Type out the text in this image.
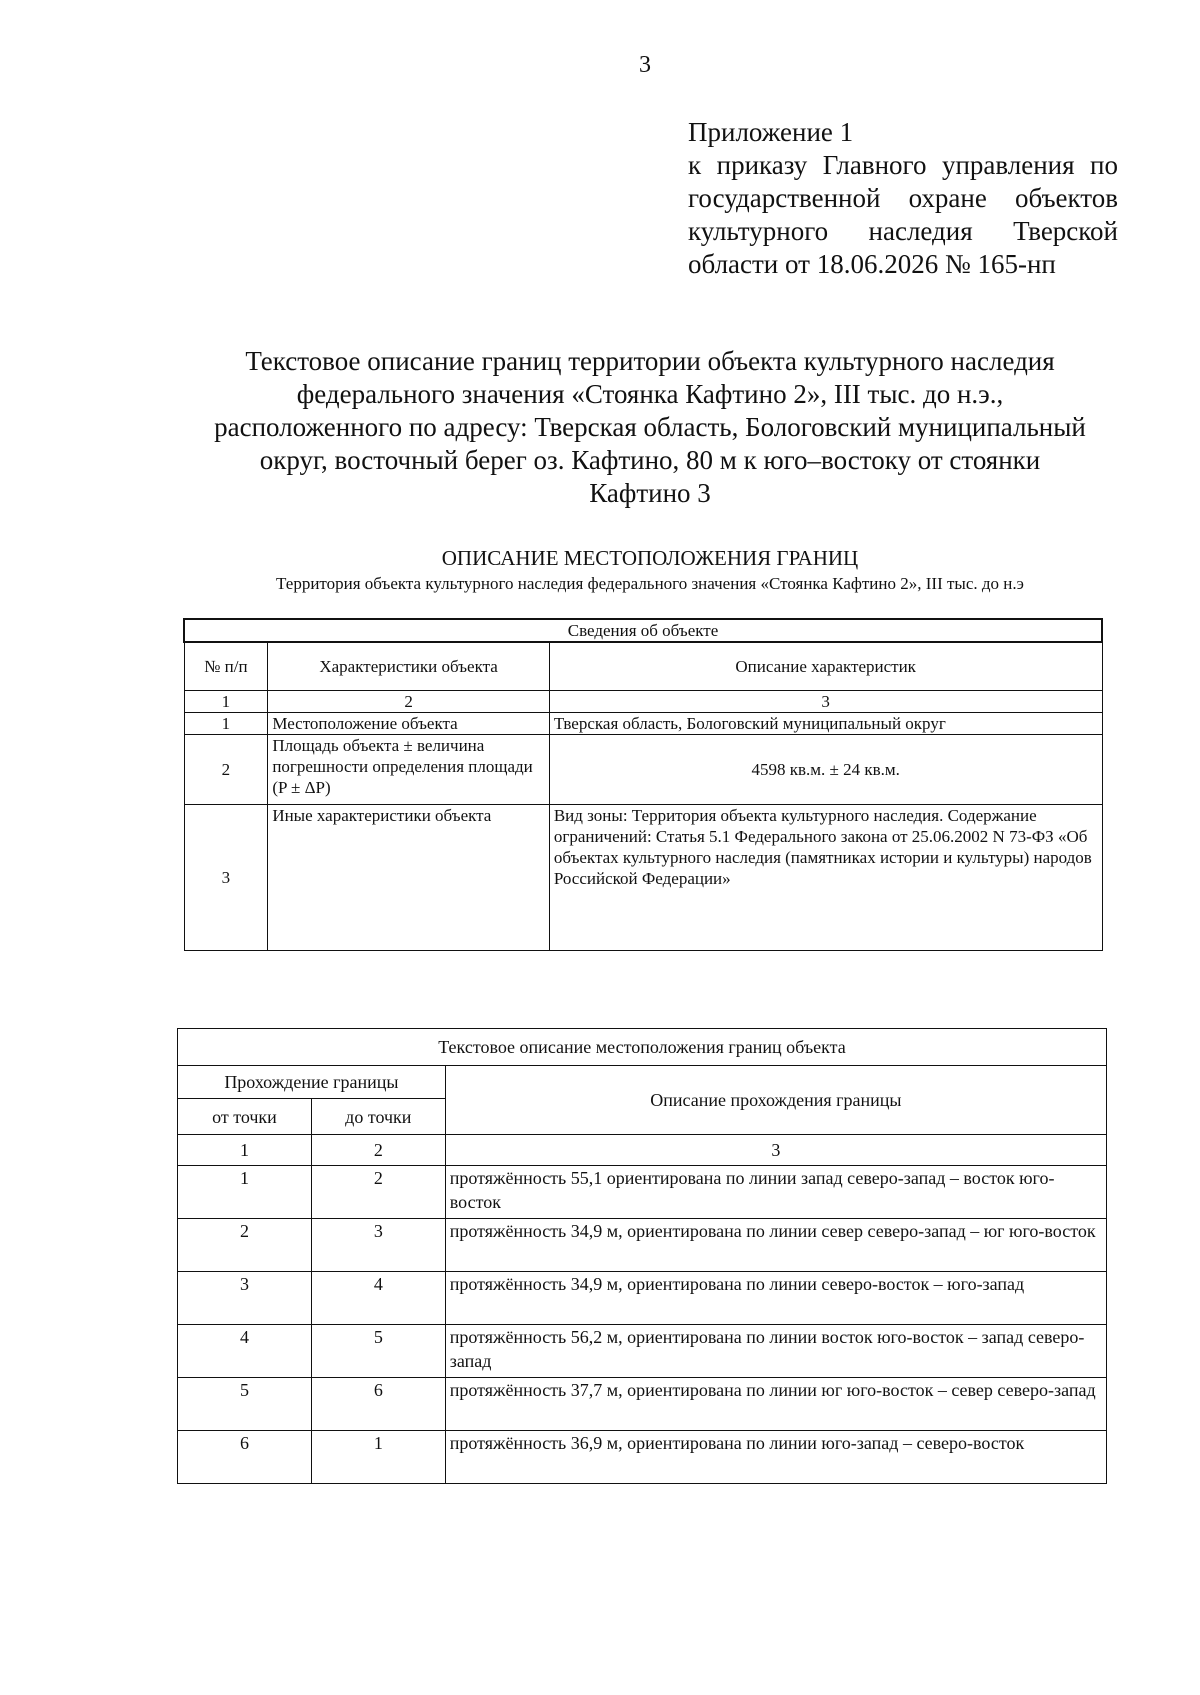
3
Приложение 1
к приказу Главного управления по
государственной охране объектов
культурного наследия Тверской
области от 18.06.2026 № 165-нп
Текстовое описание границ территории объекта культурного наследия
федерального значения «Стоянка Кафтино 2», III тыс. до н.э.,
расположенного по адресу: Тверская область, Бологовский муниципальный
округ, восточный берег оз. Кафтино, 80 м к юго–востоку от стоянки
Кафтино 3
ОПИСАНИЕ МЕСТОПОЛОЖЕНИЯ ГРАНИЦ
Территория объекта культурного наследия федерального значения «Стоянка Кафтино 2», III тыс. до н.э
Сведения об объекте		
№ п/п	Характеристики объекта	Описание характеристик
1	2	3
1	Местоположение объекта	Тверская область, Бологовский муниципальный округ
2	Площадь объекта ± величина погрешности определения площади (P ± ΔP)	4598 кв.м. ± 24 кв.м.
3	Иные характеристики объекта	Вид зоны: Территория объекта культурного наследия. Содержание ограничений: Статья 5.1 Федерального закона от 25.06.2002 N 73-ФЗ «Об объектах культурного наследия (памятниках истории и культуры) народов Российской Федерации»
Текстовое описание местоположения границ объекта		
Прохождение границы		Описание прохождения границы
от точки	до точки	
1	2	3
1	2	протяжённость 55,1 ориентирована по линии запад северо-запад – восток юго-восток
2	3	протяжённость 34,9 м, ориентирована по линии север северо-запад – юг юго-восток
3	4	протяжённость 34,9 м, ориентирована по линии северо-восток – юго-запад
4	5	протяжённость 56,2 м, ориентирована по линии восток юго-восток – запад северо-запад
5	6	протяжённость 37,7 м, ориентирована по линии юг юго-восток – север северо-запад
6	1	протяжённость 36,9 м, ориентирована по линии юго-запад – северо-восток
